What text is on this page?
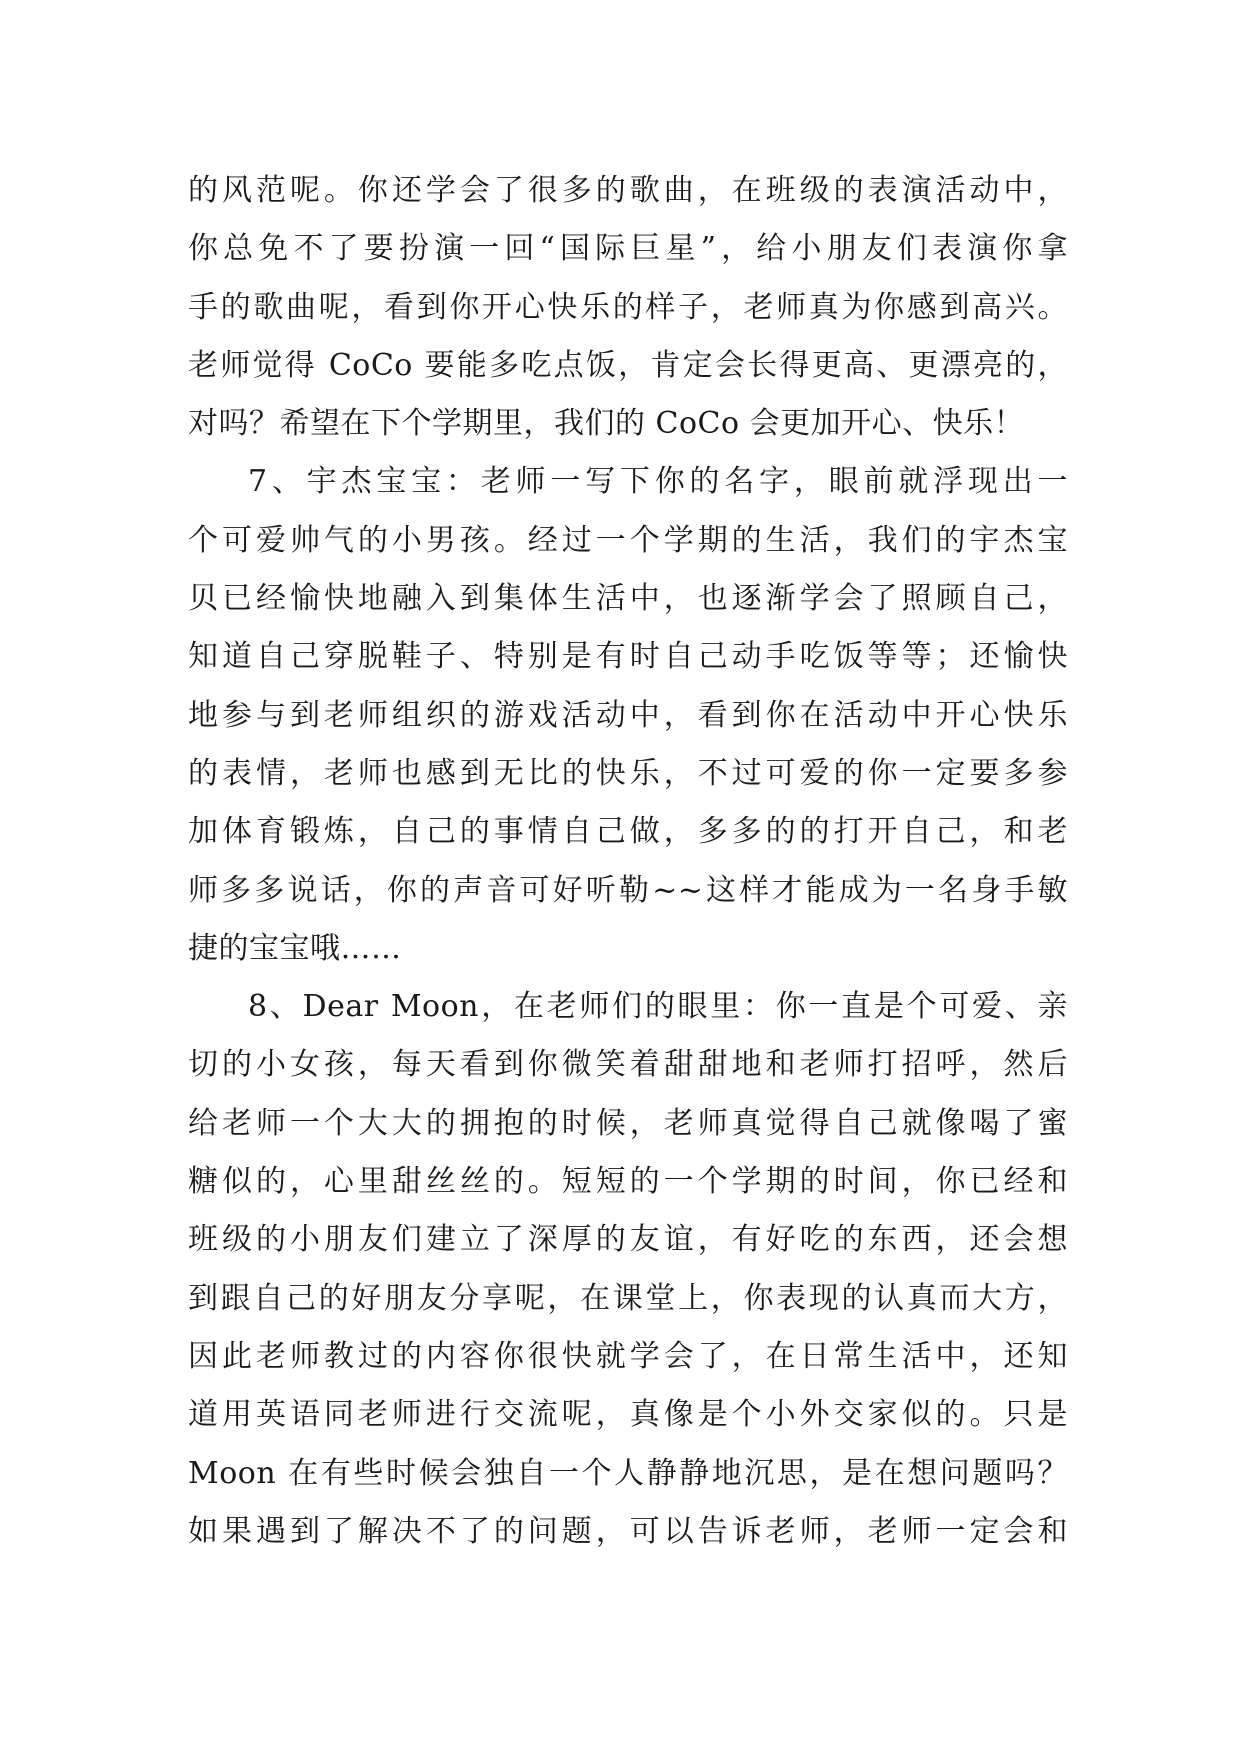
的风范呢。你还学会了很多的歌曲，在班级的表演活动中，
你总免不了要扮演一回“国际巨星”，给小朋友们表演你拿
手的歌曲呢，看到你开心快乐的样子，老师真为你感到高兴。
老师觉得 CoCo 要能多吃点饭，肯定会长得更高、更漂亮的，
对吗？希望在下个学期里，我们的 CoCo 会更加开心、快乐！
7、宇杰宝宝：老师一写下你的名字，眼前就浮现出一
个可爱帅气的小男孩。经过一个学期的生活，我们的宇杰宝
贝已经愉快地融入到集体生活中，也逐渐学会了照顾自己，
知道自己穿脱鞋子、特别是有时自己动手吃饭等等；还愉快
地参与到老师组织的游戏活动中，看到你在活动中开心快乐
的表情，老师也感到无比的快乐，不过可爱的你一定要多参
加体育锻炼，自己的事情自己做，多多的的打开自己，和老
师多多说话，你的声音可好听勒~~这样才能成为一名身手敏
捷的宝宝哦……
8、Dear Moon，在老师们的眼里：你一直是个可爱、亲
切的小女孩，每天看到你微笑着甜甜地和老师打招呼，然后
给老师一个大大的拥抱的时候，老师真觉得自己就像喝了蜜
糖似的，心里甜丝丝的。短短的一个学期的时间，你已经和
班级的小朋友们建立了深厚的友谊，有好吃的东西，还会想
到跟自己的好朋友分享呢，在课堂上，你表现的认真而大方，
因此老师教过的内容你很快就学会了，在日常生活中，还知
道用英语同老师进行交流呢，真像是个小外交家似的。只是
Moon 在有些时候会独自一个人静静地沉思，是在想问题吗？
如果遇到了解决不了的问题，可以告诉老师，老师一定会和
